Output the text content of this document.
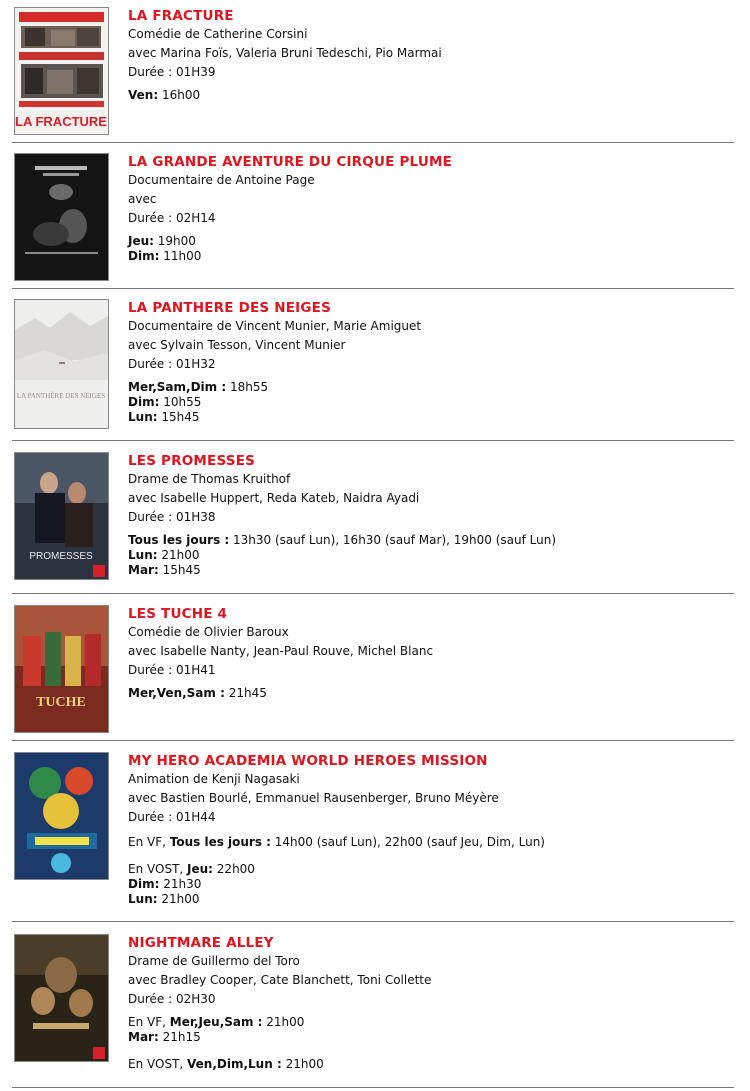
LA FRACTURE
LA FRACTURE
Comédie de Catherine Corsini
avec Marina Foïs, Valeria Bruni Tedeschi, Pio Marmai
Durée : 01H39
Ven: 16h00
LA GRANDE AVENTURE DU CIRQUE PLUME
Documentaire de Antoine Page
avec
Durée : 02H14
Jeu: 19h00
Dim: 11h00
LA PANTHÈRE DES NEIGES
LA PANTHERE DES NEIGES
Documentaire de Vincent Munier, Marie Amiguet
avec Sylvain Tesson, Vincent Munier
Durée : 01H32
Mer,Sam,Dim : 18h55
Dim: 10h55
Lun: 15h45
PROMESSES
LES PROMESSES
Drame de Thomas Kruithof
avec Isabelle Huppert, Reda Kateb, Naidra Ayadi
Durée : 01H38
Tous les jours : 13h30 (sauf Lun), 16h30 (sauf Mar), 19h00 (sauf Lun)
Lun: 21h00
Mar: 15h45
TUCHE
LES TUCHE 4
Comédie de Olivier Baroux
avec Isabelle Nanty, Jean-Paul Rouve, Michel Blanc
Durée : 01H41
Mer,Ven,Sam : 21h45
MY HERO ACADEMIA WORLD HEROES MISSION
Animation de Kenji Nagasaki
avec Bastien Bourlé, Emmanuel Rausenberger, Bruno Méyère
Durée : 01H44
En VF, Tous les jours : 14h00 (sauf Lun), 22h00 (sauf Jeu, Dim, Lun)
En VOST, Jeu: 22h00
Dim: 21h30
Lun: 21h00
NIGHTMARE ALLEY
Drame de Guillermo del Toro
avec Bradley Cooper, Cate Blanchett, Toni Collette
Durée : 02H30
En VF, Mer,Jeu,Sam : 21h00
Mar: 21h15
En VOST, Ven,Dim,Lun : 21h00
